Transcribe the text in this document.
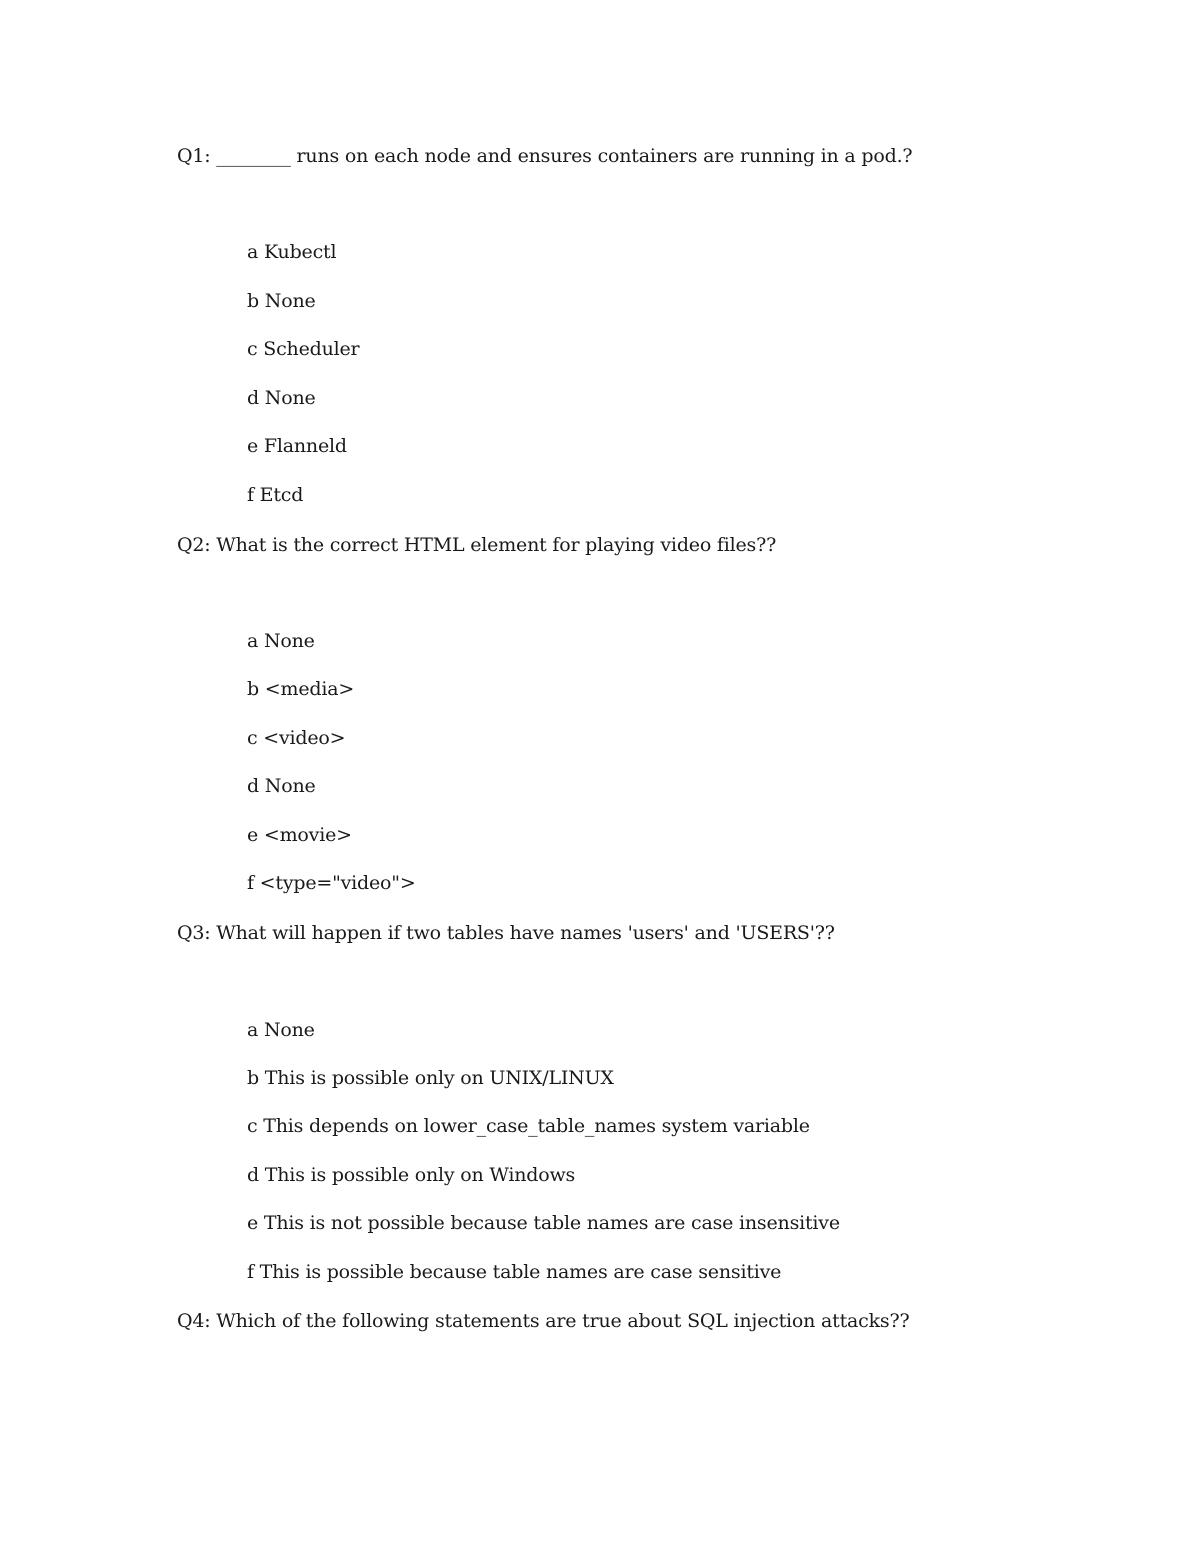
Q1: ________ runs on each node and ensures containers are running in a pod.?
a Kubectl
b None
c Scheduler
d None
e Flanneld
f Etcd
Q2: What is the correct HTML element for playing video files??
a None
b <media>
c <video>
d None
e <movie>
f <type="video">
Q3: What will happen if two tables have names 'users' and 'USERS'??
a None
b This is possible only on UNIX/LINUX
c This depends on lower_case_table_names system variable
d This is possible only on Windows
e This is not possible because table names are case insensitive
f This is possible because table names are case sensitive
Q4: Which of the following statements are true about SQL injection attacks??
